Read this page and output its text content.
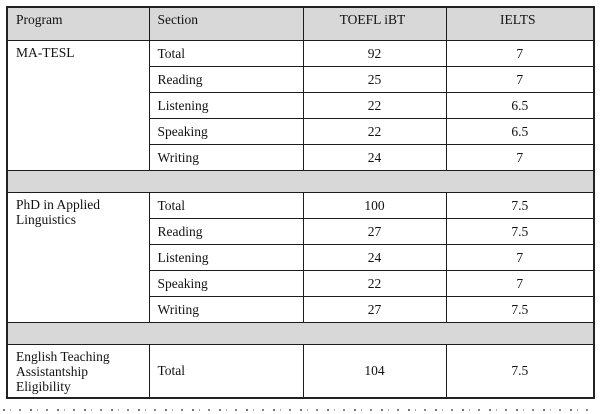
Program	Section	TOEFL iBT	IELTS
MA-TESL	Total	92	7
	Reading	25	7
	Listening	22	6.5
	Speaking	22	6.5
	Writing	24	7

PhD in Applied Linguistics	Total	100	7.5
	Reading	27	7.5
	Listening	24	7
	Speaking	22	7
	Writing	27	7.5

English Teaching Assistantship Eligibility	Total	104	7.5
